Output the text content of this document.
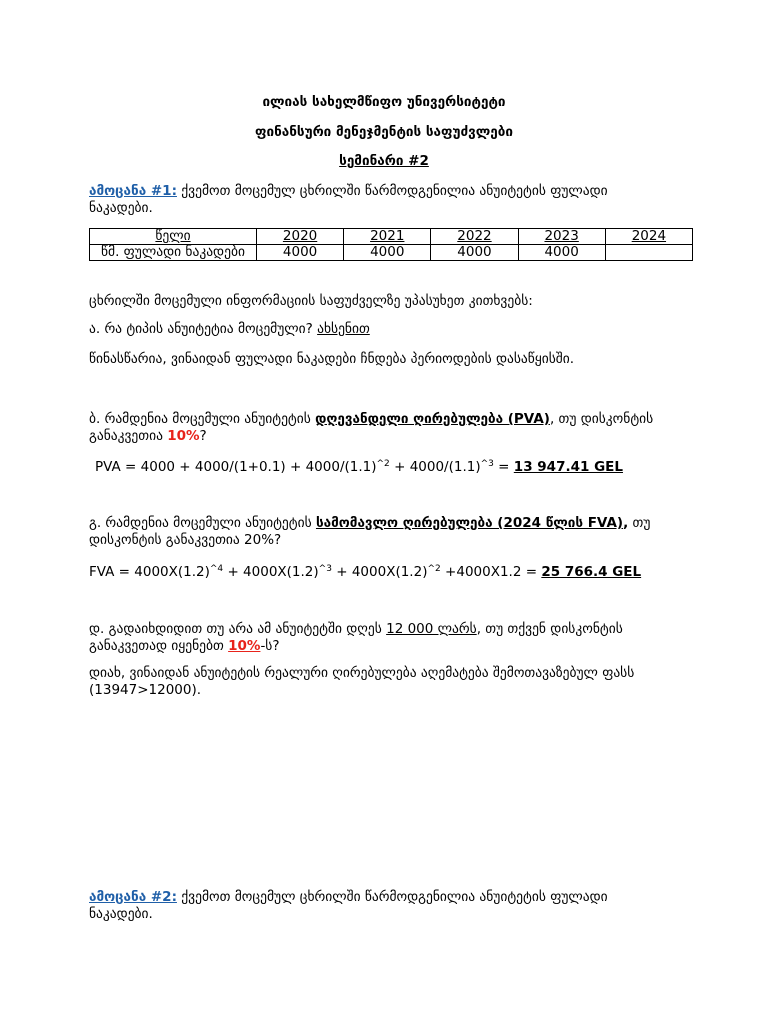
ილიას სახელმწიფო უნივერსიტეტი
ფინანსური მენეჯმენტის საფუძვლები
სემინარი #2
ამოცანა #1: ქვემოთ მოცემულ ცხრილში წარმოდგენილია ანუიტეტის ფულადი
ნაკადები.
წელი	2020	2021	2022	2023	2024
წმ. ფულადი ნაკადები	4000	4000	4000	4000	
ცხრილში მოცემული ინფორმაციის საფუძველზე უპასუხეთ კითხვებს:
ა. რა ტიპის ანუიტეტია მოცემული? ახსენით
წინასწარია, ვინაიდან ფულადი ნაკადები ჩნდება პერიოდების დასაწყისში.
ბ. რამდენია მოცემული ანუიტეტის დღევანდელი ღირებულება (PVA), თუ დისკონტის
განაკვეთია 10%?
PVA = $4000 + 4000/(1+0.1) + 4000/(1.1)^{\^{}2} + 4000/(1.1)^{\^{}3} = 13$ 947.41 GEL
გ. რამდენია მოცემული ანუიტეტის სამომავლო ღირებულება (2024 წლის FVA), თუ
დისკონტის განაკვეთია 20%?
FVA = $4000X(1.2)^{\^{}4} + 4000X(1.2)^{\^{}3} + 4000X(1.2)^{\^{}2} +4000X1.2 = 25$ 766.4 GEL
დ. გადაიხდიდით თუ არა ამ ანუიტეტში დღეს 12 000 ლარს, თუ თქვენ დისკონტის
განაკვეთად იყენებთ 10%-ს?
დიახ, ვინაიდან ანუიტეტის რეალური ღირებულება აღემატება შემოთავაზებულ ფასს
(13947>12000).
ამოცანა #2: ქვემოთ მოცემულ ცხრილში წარმოდგენილია ანუიტეტის ფულადი
ნაკადები.
